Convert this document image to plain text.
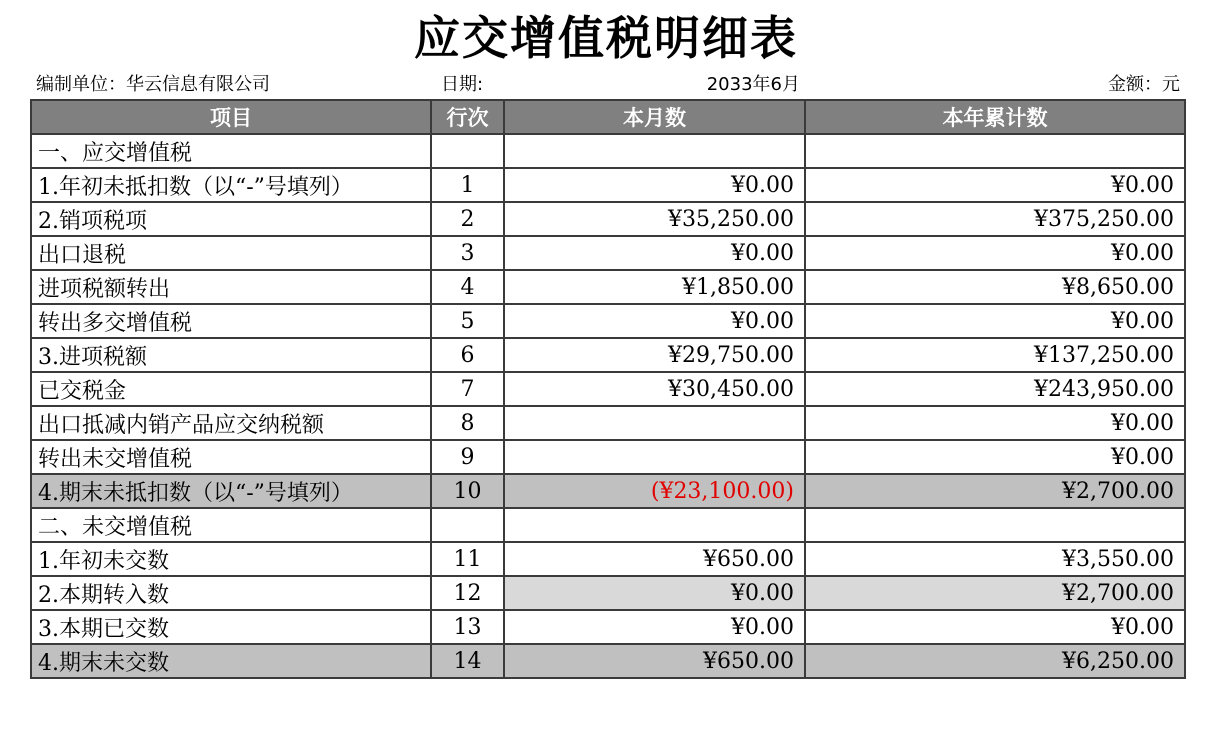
应交增值税明细表
编制单位：华云信息有限公司	日期:	2033年6月	金额：元
项目	行次	本月数	本年累计数
一、应交增值税			
1.年初未抵扣数（以“-”号填列）	1	¥0.00	¥0.00
2.销项税项	2	¥35,250.00	¥375,250.00
出口退税	3	¥0.00	¥0.00
进项税额转出	4	¥1,850.00	¥8,650.00
转出多交增值税	5	¥0.00	¥0.00
3.进项税额	6	¥29,750.00	¥137,250.00
已交税金	7	¥30,450.00	¥243,950.00
出口抵减内销产品应交纳税额	8		¥0.00
转出未交增值税	9		¥0.00
4.期末未抵扣数（以“-”号填列）	10	(¥23,100.00)	¥2,700.00
二、未交增值税			
1.年初未交数	11	¥650.00	¥3,550.00
2.本期转入数	12	¥0.00	¥2,700.00
3.本期已交数	13	¥0.00	¥0.00
4.期末未交数	14	¥650.00	¥6,250.00
